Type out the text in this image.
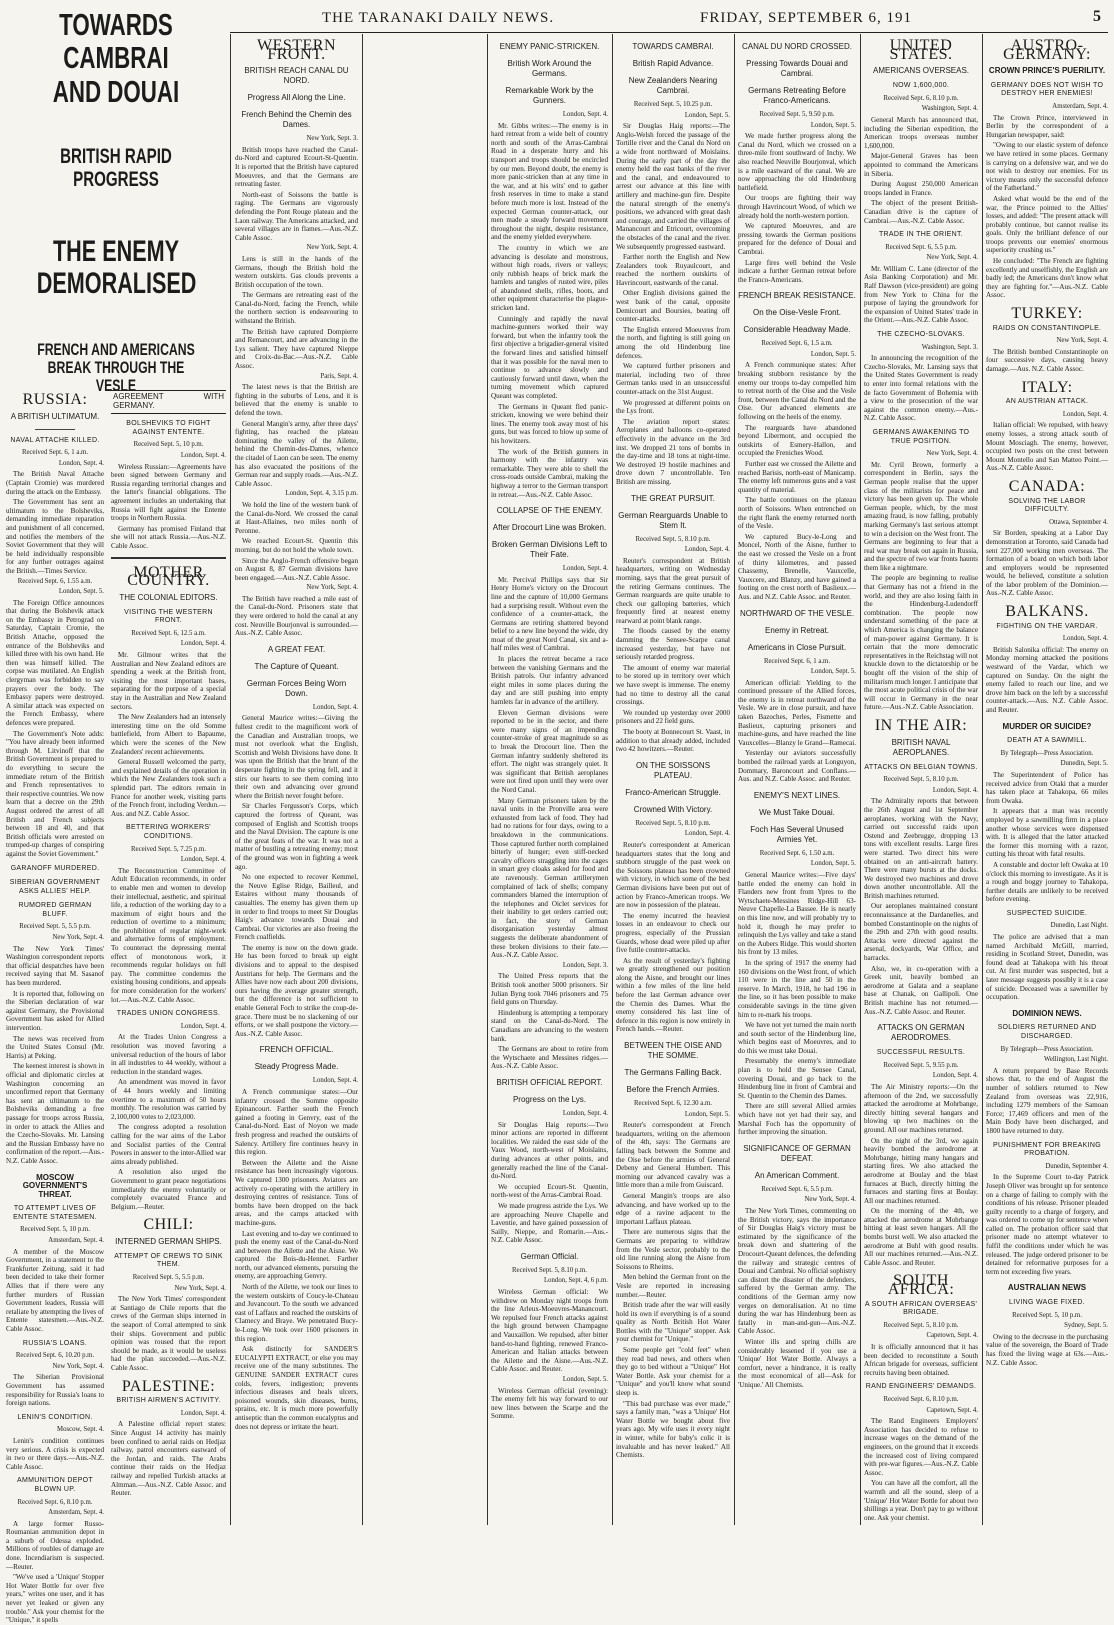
THE TARANAKI DAILY NEWS.	FRIDAY, SEPTEMBER 6, 191	5
TOWARDS CAMBRAI AND DOUAI
BRITISH RAPID PROGRESS
THE ENEMY DEMORALISED
FRENCH AND AMERICANS BREAK THROUGH THE VESLE
RUSSIA:
A BRITISH ULTIMATUM.
NAVAL ATTACHE KILLED.
Received Sept. 6, 1 a.m.
London, Sept. 4.

The British Naval Attache (Captain Cromie) was murdered during the attack on the Embassy.

The Government has sent an ultimatum to the Bolsheviks, demanding immediate reparation and punishment of all concerned, and notifies the members of the Soviet Government that they will be held individually responsible for any further outrages against the British.—Times Service.

Received Sept. 6, 1.55 a.m.
London, Sept. 5.

The Foreign Office announces that during the Bolshevik attack on the Embassy in Petrograd on Saturday, Captain Cromie, the British Attache, opposed the entrance of the Bolsheviks and killed three with his own hand. He then was himself killed. The corpse was mutilated. An English clergyman was forbidden to say prayers over the body. The Embassy papers were destroyed. A similar attack was expected on the French Embassy, where defences were prepared.

The Government's Note adds: "You have already been informed through M. Litvinoff that the British Government is prepared to do everything to secure the immediate return of the British and French representatives to their respective countries. We now learn that a decree on the 29th August ordered the arrest of all British and French subjects between 18 and 40, and that British officials were arrested on trumped-up charges of conspiring against the Soviet Government."

GARANOFF MURDERED.
SIBERIAN GOVERNMENT ASKS ALLIES' HELP.
RUMORED GERMAN BLUFF.
Received Sept. 5, 5.5 p.m.
New York, Sept. 4.

The New York Times' Washington correspondent reports that official despatches have been received saying that M. Sasanof has been murdered.

It is reported that, following on the Siberian declaration of war against Germany, the Provisional Government has asked for Allied intervention.

The news was received from the United States Consul (Mr. Harris) at Peking.

The keenest interest is shown in official and diplomatic circles at Washington concerning an unconfirmed report that Germany has sent an ultimatum to the Bolsheviks demanding a free passage for troops across Russia, in order to attack the Allies and the Czecho-Slovaks. Mr. Lansing and the Russian Embassy have no confirmation of the report.—Aus.-N.Z. Cable Assoc.

MOSCOW GOVERNMENT'S THREAT.
TO ATTEMPT LIVES OF ENTENTE STATESMEN.
Received Sept. 5, 10 p.m.
Amsterdam, Sept. 4.

A member of the Moscow Government, in a statement to the Frankfurter Zeitung, said it had been decided to take their former Allies that if there were any further murders of Russian Government leaders, Russia will retaliate by attempting the lives of Entente statesmen.—Aus.-N.Z. Cable Assoc.

RUSSIA'S LOANS.
Received Sept. 6, 10.20 p.m.
New York, Sept. 4.

The Siberian Provisional Government has assumed responsibility for Russia's loans to foreign nations.

LENIN'S CONDITION.
Moscow, Sept. 4.

Lenin's condition continues very serious. A crisis is expected in two or three days.—Aus.-N.Z. Cable Assoc.

AMMUNITION DEPOT BLOWN UP.
Received Sept. 6, 8.10 p.m.
Amsterdam, Sept. 4.

A large former Russo-Roumanian ammunition depot in a suburb of Odessa exploded. Millions of roubles of damage are done. Incendiarism is suspected.—Reuter.

"We've used a 'Unique' Stopper Hot Water Bottle for over five years," writes one user, and it has never yet leaked or given any trouble." Ask your chemist for the "Unique," it spells

AGREEMENT WITH GERMANY.
BOLSHEVIKS TO FIGHT AGAINST ENTENTE.
Received Sept. 5, 10 p.m.
London, Sept. 4.

Wireless Russian:—Agreements have been signed between Germany and Russia regarding territorial changes and the latter's financial obligations. The agreement includes an undertaking that Russia will fight against the Entente troops in Northern Russia.

Germany has promised Finland that she will not attack Russia.—Aus.-N.Z. Cable Assoc.

MOTHER COUNTRY.
THE COLONIAL EDITORS.
VISITING THE WESTERN FRONT.
Received Sept. 6, 12.5 a.m.
London, Sept. 4.

Mr. Gilmour writes that the Australian and New Zealand editors are spending a week at the British front, visiting the most important bases, separating for the purpose of a special stay in the Australian and New Zealand sectors.

The New Zealanders had an intensely interesting time on the old Somme battlefield, from Albert to Bapaume, which were the scenes of the New Zealanders' recent achievements.

General Russell welcomed the party, and explained details of the operation in which the New Zealanders took such a splendid part. The editors remain in France for another week, visiting parts of the French front, including Verdun.—Aus. and N.Z. Cable Assoc.

BETTERING WORKERS' CONDITIONS.
Received Sept. 5, 7.25 p.m.
London, Sept. 4.

The Reconstruction Committee of Adult Education recommends, in order to enable men and women to develop their intellectual, aesthetic, and spiritual life, a reduction of the working day to a maximum of eight hours and the reduction of overtime to a minimum; the prohibition of regular night-work and alternative forms of employment. To counteract the depressing mental effect of monotonous work, it recommends regular holidays on full pay. The committee condemns the existing housing conditions, and appeals for more consideration for the workers' lot.—Aus.-N.Z. Cable Assoc.

TRADES UNION CONGRESS.
London, Sept. 4.

At the Trades Union Congress a resolution was moved favoring a universal reduction of the hours of labor in all industries to 44 weekly, without a reduction in the standard wages.

An amendment was moved in favor of 44 hours weekly and limiting overtime to a maximum of 50 hours monthly. The resolution was carried by 2,100,000 votes to 2,023,000.

The congress adopted a resolution calling for the war aims of the Labor and Socialist parties of the Central Powers in answer to the inter-Allied war aims already published.

A resolution also urged the Government to grant peace negotiations immediately the enemy voluntarily or completely evacuated France and Belgium.—Reuter.

CHILI:
INTERNED GERMAN SHIPS.
ATTEMPT OF CREWS TO SINK THEM.
Received Sept. 5, 5.5 p.m.
New York, Sept. 4.

The New York Times' correspondent at Santiago de Chile reports that the crews of the German ships interned in the seaport of Corral attempted to sink their ships. Government and public opinion was roused that the report should be made, as it would be useless had the plan succeeded.—Aus.-N.Z. Cable Assoc.

PALESTINE:
BRITISH AIRMEN'S ACTIVITY.
London, Sept. 4.

A Palestine official report states: Since August 14 activity has mainly been confined to aerial raids on Hedjaz railway, patrol encounters eastward of the Jordan, and raids. The Arabs continue their raids on the Hedjaz railway and repelled Turkish attacks at Almman.—Aus.-N.Z. Cable Assoc. and Reuter.

WESTERN FRONT.
BRITISH REACH CANAL DU NORD.
Progress All Along the Line.
French Behind the Chemin des Dames.
New York, Sept. 3.

British troops have reached the Canal-du-Nord and captured Ecourt-St-Quentin. It is reported that the British have captured Moeuvres, and that the Germans are retreating faster.

North-east of Soissons the battle is raging. The Germans are vigorously defending the Pont Rouge plateau and the Laon railway. The Americans attacked, and several villages are in flames.—Aus.-N.Z. Cable Assoc.

New York, Sept. 4.

Lens is still in the hands of the Germans, though the British hold the western outskirts. Gas clouds prevents a British occupation of the town.

The Germans are retreating east of the Canal-du-Nord, facing the French, while the northern section is endeavouring to withstand the British.

The British have captured Dompierre and Remancourt, and are advancing in the Lys salient. They have captured Nieppe and Croix-du-Bac.—Aus.-N.Z. Cable Assoc.

Paris, Sept. 4.

The latest news is that the British are fighting in the suburbs of Lens, and it is believed that the enemy is unable to defend the town.

General Mangin's army, after three days' fighting, has reached the plateau dominating the valley of the Ailette, behind the Chemin-des-Dames, whence the citadel of Laon can be seen. The enemy has also evacuated the positions of the German rear and supply roads.—Aus.-N.Z. Cable Assoc.

London, Sept. 4, 3.15 p.m.

We hold the line of the western bank of the Canal-du-Nord. We crossed the canal at Haut-Allaines, two miles north of Peronne.

We reached Ecourt-St. Quentin this morning, but do not hold the whole town.

Since the Anglo-French offensive began on August 8, 87 German divisions have been engaged.—Aus.-N.Z. Cable Assoc.

New York, Sept. 4.

The British have reached a mile east of the Canal-du-Nord. Prisoners state that they were ordered to hold the canal at any cost. Neuville Bourjonval is surrounded.—Aus.-N.Z. Cable Assoc.

A GREAT FEAT.
The Capture of Queant.
German Forces Being Worn Down.
London, Sept. 4.

General Maurice writes:—Giving the fullest credit to the magnificent work of the Canadian and Australian troops, we must not overlook what the English, Scottish and Welsh Divisions have done. It was upon the British that the brunt of the desperate fighting in the spring fell, and it stirs our hearts to see them coming into their own and advancing over ground where the British never fought before.

Sir Charles Fergusson's Corps, which captured the fortress of Queant, was composed of English and Scottish troops and the Naval Division. The capture is one of the great feats of the war. It was not a matter of bustling a retreating enemy; most of the ground was won in fighting a week ago.

No one expected to recover Kemmel, the Neuve Eglise Ridge, Bailleul, and Estaires without many thousands of casualties. The enemy has given them up in order to find troops to meet Sir Douglas Haig's advance towards Douai and Cambrai. Our victories are also freeing the French coalfields.

The enemy is now on the down grade. He has been forced to break up eight divisions and to appeal to the despised Austrians for help. The Germans and the Allies have now each about 200 divisions, ours having the average greater strength, but the difference is not sufficient to enable General Foch to strike the coup-de-grace. There must be no slackening of our efforts, or we shall postpone the victory.—Aus.-N.Z. Cable Assoc.

FRENCH OFFICIAL.
Steady Progress Made.
London, Sept. 4.

A French communique states:—Our infantry crossed the Somme opposite Epinancourt. Farther south the French gained a footing in Genvry, east of the Canal-du-Nord. East of Noyon we made fresh progress and reached the outskirts of Salency. Artillery fire continues heavy in this region.

Between the Ailette and the Aisne resistance has been increasingly vigorous. We captured 1300 prisoners. Aviators are actively co-operating with the artillery in destroying centres of resistance. Tons of bombs have been dropped on the back areas, and the camps attacked with machine-guns.

Last evening and to-day we continued to push the enemy east of the Canal-du-Nord and between the Ailette and the Aisne. We captured the Bois-du-Hennet. Farther north, our advanced elements, pursuing the enemy, are approaching Genvry.

North of the Ailette, we took our lines to the western outskirts of Coucy-le-Chateau and Juvancourt. To the south we advanced east of Laffaux and reached the outskirts of Clamecy and Braye. We penetrated Bucy-le-Long. We took over 1600 prisoners in this region.

Ask distinctly for SANDER'S EUCALYPTI EXTRACT, or else you may receive one of the many substitutes. The GENUINE SANDER EXTRACT cures colds, fevers, indigestion; prevents infectious diseases and heals ulcers, poisoned wounds, skin diseases, burns, sprains, etc. It is much more powerfully antiseptic than the common eucalyptus and does not depress or irritate the heart.

ENEMY PANIC-STRICKEN.
British Work Around the Germans.
Remarkable Work by the Gunners.
London, Sept. 4.

Mr. Gibbs writes:—The enemy is in hard retreat from a wide belt of country north and south of the Arras-Cambrai Road in a desperate hurry and his transport and troops should be encircled by our men. Beyond doubt, the enemy is more panic-stricken than at any time in the war, and at his wits' end to gather fresh reserves in time to make a stand before much more is lost. Instead of the expected German counter-attack, our men made a steady forward movement throughout the night, despite resistance, and the enemy yielded everywhere.

The country in which we are advancing is desolate and monstrous, without high roads, rivers or valleys; only rubbish heaps of brick mark the hamlets and tangles of rusted wire, piles of abandoned shells, rifles, boots, and other equipment characterise the plague-stricken land.

Cunningly and rapidly the naval machine-gunners worked their way forward, but when the infantry took the first objective a brigadier-general visited the forward lines and satisfied himself that it was possible for the naval men to continue to advance slowly and cautiously forward until dawn, when the turning movement which captured Queant was completed.

The Germans in Queant fled panic-stricken, knowing we were behind their lines. The enemy took away most of his guns, but was forced to blow up some of his howitzers.

The work of the British gunners in harmony with the infantry was remarkable. They were able to shell the cross-roads outside Cambrai, making the highway a terror to the German transport in retreat.—Aus.-N.Z. Cable Assoc.

COLLAPSE OF THE ENEMY.
After Drocourt Line was Broken.
Broken German Divisions Left to Their Fate.
London, Sept. 4.

Mr. Percival Phillips says that Sir Henry Horne's victory on the Drocourt line and the capture of 10,000 Germans had a surprising result. Without even the confidence of a counter-attack, the Germans are retiring shattered beyond belief to a new line beyond the wide, dry moat of the great Nord Canal, six and a-half miles west of Cambrai.

In places the retreat became a race between the vanishing Germans and the British patrols. Our infantry advanced eight miles in some places during the day and are still pushing into empty hamlets far in advance of the artillery.

Eleven German divisions were reported to be in the sector, and there were many signs of an impending counter-stroke of great magnitude so as to break the Drocourt line. Then the German infantry suddenly sheltered its effort. The night was strangely quiet. It was significant that British aeroplanes were not fired upon until they were over the Nord Canal.

Many German prisoners taken by the naval units in the Pronville area were exhausted from lack of food. They had had no rations for four days, owing to a breakdown in the communications. Those captured further north complained bitterly of hunger; even stiff-necked cavalry officers straggling into the cages in smart grey cloaks asked for food and ate ravenously. German artillerymen complained of lack of shells; company commanders blamed the interruption of the telephones and Oiclet services for their inability to get orders carried out; in fact, the story of German disorganisation yesterday almost suggests the deliberate abandonment of these broken divisions to their fate.—Aus.-N.Z. Cable Assoc.

London, Sept. 3.

The United Press reports that the British took another 5000 prisoners. Sir Julian Byng took 7046 prisoners and 75 field guns on Thursday.

Hindenburg is attempting a temporary stand on the Canal-du-Nord. The Canadians are advancing to the western bank.

The Germans are about to retire from the Wytschaete and Messines ridges.—Aus.-N.Z. Cable Assoc.

BRITISH OFFICIAL REPORT.
Progress on the Lys.
London, Sept. 4.

Sir Douglas Haig reports:—Two minor actions are reported in different localities. We raided the east side of the Vaux Wood, north-west of Moislains, during advances at other points, and generally reached the line of the Canal-du-Nord.

We occupied Ecourt-St. Quentin, north-west of the Arras-Cambrai Road.

We made progress astride the Lys. We are approaching Neuve Chapelle and Laventie, and have gained possession of Sailly, Nieppe, and Romarin.—Aus.-N.Z. Cable Assoc.

German Official.
Received Sept. 5, 8.10 p.m.
London, Sept. 4, 6 p.m.

Wireless German official: We withdrew on Monday night troops from the line Arleux-Moeuvres-Manancourt. We repulsed four French attacks against the high ground between Champagne and Vauxaillon. We repulsed, after bitter hand-to-hand fighting, renewed Franco-American and Italian attacks between the Ailette and the Aisne.—Aus.-N.Z. Cable Assoc. and Reuter.

London, Sept. 5.

Wireless German official (evening): The enemy felt his way forward to our new lines between the Scarpe and the Somme.

TOWARDS CAMBRAI.
British Rapid Advance.
New Zealanders Nearing Cambrai.
Received Sept. 5, 10.25 p.m.
London, Sept. 5.

Sir Douglas Haig reports:—The Anglo-Welsh forced the passage of the Tortille river and the Canal du Nord on a wide front northward of Moislains. During the early part of the day the enemy held the east banks of the river and the canal, and endeavoured to arrest our advance at this line with artillery and machine-gun fire. Despite the natural strength of the enemy's positions, we advanced with great dash and courage, and carried the villages of Manancourt and Etricourt, overcoming the obstacles of the canal and the river. We subsequently progressed eastward.

Farther north the English and New Zealanders took Ruyaulcourt, and reached the northern outskirts of Havrincourt, eastwards of the canal.

Other English divisions gained the west bank of the canal, opposite Demicourt and Boursies, beating off counter-attacks.

The English entered Moeuvres from the north, and fighting is still going on among the old Hindenburg line defences.

We captured further prisoners and material, including two of three German tanks used in an unsuccessful counter-attack on the 31st August.

We progressed at different points on the Lys front.

The aviation report states: Aeroplanes and balloons co-operated effectively in the advance on the 3rd inst. We dropped 21 tons of bombs in the day-time and 18 tons at night-time. We destroyed 19 hostile machines and drove down 7 uncontrollable. Ten British are missing.

THE GREAT PURSUIT.
German Rearguards Unable to Stem It.
Received Sept. 5, 8.10 p.m.
London, Sept. 4.

Reuter's correspondent at British headquarters, writing on Wednesday morning, says that the great pursuit of the retiring Germans continues. The German rearguards are quite unable to check our galloping batteries, which frequently fired at nearest enemy rearward at point blank range.

The floods caused by the enemy damming the Sensee-Scarpe canal increased yesterday, but have not seriously retarded progress.

The amount of enemy war material to be stored up in territory over which we have swept is immense. The enemy had no time to destroy all the canal crossings.

We rounded up yesterday over 2000 prisoners and 22 field guns.

The booty at Bonnecourt St. Vaast, in addition to that already added, included two 42 howitzers.—Reuter.

ON THE SOISSONS PLATEAU.
Franco-American Struggle.
Crowned With Victory.
Received Sept. 5, 8.10 p.m.
London, Sept. 4.

Reuter's correspondent at American headquarters states that the long and stubborn struggle of the past week on the Soissons plateau has been crowned with victory, in which some of the best German divisions have been put out of action by Franco-American troops. We are now in possession of the plateau.

The enemy incurred the heaviest losses in an endeavour to check our progress, especially of the Prussian Guards, whose dead were piled up after five futile counter-attacks.

As the result of yesterday's fighting we greatly strengthened our position along the Aisne, and brought our lines within a few miles of the line held before the last German advance over the Chemin des Dames. What the enemy considered his last line of defence in this region is now entirely in French hands.—Reuter.

BETWEEN THE OISE AND THE SOMME.
The Germans Falling Back.
Before the French Armies.
Received Sept. 6, 12.30 a.m.
London, Sept. 5.

Reuter's correspondent at French headquarters, writing on the afternoon of the 4th, says: The Germans are falling back between the Somme and the Oise before the armies of General Debeny and General Humbert. This morning our advanced cavalry was a little more than a mile from Guiscard.

General Mangin's troops are also advancing, and have worked up to the edge of a ravine adjacent to the important Laffaux plateau.

There are numerous signs that the Germans are preparing to withdraw from the Vesle sector, probably to the old line running along the Aisne from Soissons to Rheims.

Men behind the German front on the Vesle are reported in increasing number.—Reuter.

British trade after the war will easily hold its own if everything is of a sound quality as North British Hot Water Bottles with the "Unique" stopper. Ask your chemist for "Unique."

Some people get "cold feet" when they read bad news, and others when they go to bed without a "Unique" Hot Water Bottle. Ask your chemist for a "Unique" and you'll know what sound sleep is.

"This bad purchase was ever made," says a family man, "was a 'Unique' Hot Water Bottle we bought about five years ago. My wife uses it every night in winter, while for baby's colic it is invaluable and has never leaked." All Chemists.

CANAL DU NORD CROSSED.
Pressing Towards Douai and Cambrai.
Germans Retreating Before Franco-Americans.
Received Sept. 5, 9.50 p.m.
London, Sept. 5.

We made further progress along the Canal du Nord, which we crossed on a three-mile front southward of Inchy. We also reached Neuville Bourjonval, which is a mile eastward of the canal. We are now approaching the old Hindenburg battlefield.

Our troops are fighting their way through Havrincourt Wood, of which we already hold the north-western portion.

We captured Moeuvres, and are pressing towards the German positions prepared for the defence of Douai and Cambrai.

Large fires well behind the Vesle indicate a further German retreat before the Franco-Americans.

FRENCH BREAK RESISTANCE.
On the Oise-Vesle Front.
Considerable Headway Made.
Received Sept. 6, 1.5 a.m.
London, Sept. 5.

A French communique states: After breaking stubborn resistance by the enemy our troops to-day compelled him to retreat north of the Oise and the Vesle front, between the Canal du Nord and the Oise. Our advanced elements are following on the heels of the enemy.

The rearguards have abandoned beyond Libermont, and occupied the outskirts of Esmery-Hallon, and occupied the Freniches Wood.

Further east we crossed the Ailette and reached Barisis, north-east of Manicamp. The enemy left numerous guns and a vast quantity of material.

The battle continues on the plateau north of Soissons. When entrenched on the right flank the enemy returned north of the Vesle.

We captured Bucy-le-Long and Moncel, North of the Aisne, further to the east we crossed the Vesle on a front of thirty kilometres, and passed Chassemy, Brenelle, Vauxcelle, Vauxcere, and Blanzy, and have gained a footing on the crest north of Baslieux.—Aus. and N.Z. Cable Assoc. and Reuter.

NORTHWARD OF THE VESLE.
Enemy in Retreat.
Americans in Close Pursuit.
Received Sept. 6, 1 a.m.
London, Sept. 5.

American official: Yielding to the continued pressure of the Allied forces, the enemy is in retreat northward of the Vesle. We are in close pursuit, and have taken Bazoches, Perles, Fismette and Baslieux, capturing prisoners and machine-guns, and have reached the line Vauxcelles—Blanzy le Grand—Ramecai.

Yesterday our aviators successfully bombed the railroad yards at Longuyon, Dommary, Baroncourt and Conflans.—Aus. and N.Z. Cable Assoc. and Reuter.

ENEMY'S NEXT LINES.
We Must Take Douai.
Foch Has Several Unused Armies Yet.
Received Sept. 6, 1.50 a.m.
London, Sept. 5.

General Maurice writes:—Five days' battle ended the enemy can hold in Flanders new front from Ypres to the Wytschaete-Messines Ridge-Hill 63-Neuve Chapelle-La Bassee. He is nearly on this line now, and will probably try to hold it, though he may prefer to relinquish the Lys valley and take a stand on the Aubers Ridge. This would shorten his front by 13 miles.

In the spring of 1917 the enemy had 160 divisions on the West front, of which 110 were in the line and 50 in the reserve. In March, 1918, he had 196 in the line, so it has been possible to make considerable savings in the time given him to re-mark his troops.

We have not yet turned the main north and south sector of the Hindenburg line, which begins east of Moeuvres, and to do this we must take Douai.

Presumably the enemy's immediate plan is to hold the Sensee Canal, covering Douai, and go back to the Hindenburg line in front of Cambrai and St. Quentin to the Chemin des Dames.

There are still several Allied armies which have not yet had their say, and Marshal Foch has the opportunity of further improving the situation.

SIGNIFICANCE OF GERMAN DEFEAT.
An American Comment.
Received Sept. 6, 5.5 p.m.
New York, Sept. 4.

The New York Times, commenting on the British victory, says the importance of Sir Douglas Haig's victory must be estimated by the significance of the break down and shattering of the Drocourt-Queant defences, the defending the railway and strategic centres of Douai and Cambrai. No official sophistry can distort the disaster of the defenders, suffered by the German army. The conditions of the German army now verges on demoralisation. At no time during the war has Hindenburg been as fatally in man-and-gun—Aus.-N.Z. Cable Assoc.

Winter ills and spring chills are considerably lessened if you use a 'Unique' Hot Water Bottle. Always a comfort, never a hindrance, it is really the most economical of all—Ask for 'Unique.' All Chemists.

UNITED STATES.
AMERICANS OVERSEAS.
NOW 1,600,000.
Received Sept. 6, 8.10 p.m.
Washington, Sept. 4.

General March has announced that, including the Siberian expedition, the American troops overseas number 1,600,000.

Major-General Graves has been appointed to command the Americans in Siberia.

During August 250,000 American troops landed in France.

The object of the present British-Canadian drive is the capture of Cambrai.—Aus.-N.Z. Cable Assoc.

TRADE IN THE ORIENT.
Received Sept. 6, 5.5 p.m.
New York, Sept. 4.

Mr. William C. Lane (director of the Asia Banking Corporation) and Mr. Ralf Dawson (vice-president) are going from New York to China for the purpose of laying the groundwork for the expansion of United States' trade in the Orient.—Aus.-N.Z. Cable Assoc.

THE CZECHO-SLOVAKS.
Washington, Sept. 3.

In announcing the recognition of the Czecho-Slovaks, Mr. Lansing says that the United States Government is ready to enter into formal relations with the de facto Government of Bohemia with a view to the prosecution of the war against the common enemy.—Aus.-N.Z. Cable Assoc.

GERMANS AWAKENING TO TRUE POSITION.
New York, Sept. 4.

Mr. Cyril Brown, formerly a correspondent in Berlin, says the German people realise that the upper class of the militarists for peace and victory has been given up. The whole German people, which, by the most amazing fraud, is now falling, probably marking Germany's last serious attempt to win a decision on the West front. The Germans are beginning to fear that a real war may break out again in Russia, and the spectre of two war fronts haunts them like a nightmare.

The people are beginning to realise that Germany has not a friend in the world, and they are also losing faith in the Hindenburg-Ludendorff combination. The people now understand something of the pace at which America is changing the balance of man-power against Germany. It is certain that the more democratic representatives in the Reichstag will not knuckle down to the dictatorship or be bought off the vision of the ship of militarism much longer. I anticipate that the most acute political crisis of the war will occur in Germany in the near future.—Aus.-N.Z. Cable Association.

IN THE AIR:
BRITISH NAVAL AEROPLANES.
ATTACKS ON BELGIAN TOWNS.
Received Sept. 5, 8.10 p.m.
London, Sept. 4.

The Admiralty reports that between the 26th August and 1st September aeroplanes, working with the Navy, carried out successful raids upon Ostend and Zeebrugge, dropping 13 tons with excellent results. Large fires were started. Two direct hits were obtained on an anti-aircraft battery. There were many bursts at the docks. We destroyed two machines and drove down another uncontrollable. All the British machines returned.

Our aeroplanes maintained constant reconnaissance at the Dardanelles, and bombed Constantinople on the nights of the 29th and 27th with good results. Attacks were directed against the arsenal, dockyards, War Office, and barracks.

Also, we, in co-operation with a Greek unit, heavily bombed an aerodrome at Galata and a seaplane base at Chanak, on Gallipoli. One British machine has not returned.—Aus.-N.Z. Cable Assoc. and Reuter.

ATTACKS ON GERMAN AERODROMES.
SUCCESSFUL RESULTS.
Received Sept. 5, 9.55 p.m.
London, Sept. 4.

The Air Ministry reports:—On the afternoon of the 2nd, we successfully attacked the aerodrome at Mohrbange, directly hitting several hangars and blowing up two machines on the ground. All our machines returned.

On the night of the 3rd, we again heavily bombed the aerodrome at Mohrbange, hitting many hangars and starting fires. We also attacked the aerodrome at Boulay and the blast furnaces at Buch, directly hitting the furnaces and starting fires at Boulay. All our machines returned.

On the morning of the 4th, we attacked the aerodrome at Mohrbange hitting at least seven hangars. All the bombs burst well. We also attacked the aerodrome at Buhl with good results. All our machines returned.—Aus.-N.Z. Cable Assoc. and Reuter.

SOUTH AFRICA:
A SOUTH AFRICAN OVERSEAS' BRIGADE.
Received Sept. 5, 8.10 p.m.
Capetown, Sept. 4.

It is officially announced that it has been decided to reconstitute a South African brigade for overseas, sufficient recruits having been obtained.

RAND ENGINEERS' DEMANDS.
Received Sept. 6, 8.10 p.m.
Capetown, Sept. 4.

The Rand Engineers Employers' Association has decided to refuse to increase wages on the demand of the engineers, on the ground that it exceeds the increased cost of living compared with pre-war figures.—Aus.-N.Z. Cable Assoc.

You can have all the comfort, all the warmth and all the sound, sleep of a 'Unique' Hot Water Bottle for about two shillings a year. Don't pay to go without one. Ask your chemist.

AUSTRO-GERMANY:
CROWN PRINCE'S PUERILITY.
GERMANY DOES NOT WISH TO DESTROY HER ENEMIES!
Amsterdam, Sept. 4.

The Crown Prince, interviewed in Berlin by the correspondent of a Hungarian newspaper, said:

"Owing to our elastic system of defence we have retired in some places. Germany is carrying on a defensive war, and we do not wish to destroy our enemies. For us victory means only the successful defence of the Fatherland."

Asked what would be the end of the war, the Prince pointed to the Allies' losses, and added: "The present attack will probably continue, but cannot realise its goals. Only the brilliant defence of our troops prevents our enemies' enormous superiority crushing us."

He concluded: "The French are fighting excellently and unselfishly, the English are badly led; the Americans don't know what they are fighting for."—Aus.-N.Z. Cable Assoc.

TURKEY:
RAIDS ON CONSTANTINOPLE.
New York, Sept. 4.

The British bombed Constantinople on four successive days, causing heavy damage.—Aus. N.Z. Cable Assoc.

ITALY:
AN AUSTRIAN ATTACK.
London, Sept. 4.

Italian official: We repulsed, with heavy enemy losses, a strong attack south of Mount Mosciagh. The enemy, however, occupied two posts on the crest between Mount Montello and San Matteo Point.—Aus.-N.Z. Cable Assoc.

CANADA:
SOLVING THE LABOR DIFFICULTY.
Ottawa, September 4.

Sir Borden, speaking at a Labor Day demonstration at Toronto, said Canada had sent 227,000 working men overseas. The formation of a board on which both labor and employers would be represented would, he believed, constitute a solution of the labor problem of the Dominion.—Aus.-N.Z. Cable Assoc.

BALKANS.
FIGHTING ON THE VARDAR.
London, Sept. 4.

British Salonika official: The enemy on Monday morning attacked the positions westward of the Vardar, which we captured on Sunday. On the night the enemy failed to reach our line, and we drove him back on the left by a successful counter-attack.—Aus. N.Z. Cable Assoc. and Reuter.

MURDER OR SUICIDE?
DEATH AT A SAWMILL.
By Telegraph—Press Association.
Dunedin, Sept. 5.

The Superintendent of Police has received advice from Otaki that a murder has taken place at Tahakopa, 66 miles from Owaka.

It appears that a man was recently employed by a sawmilling firm in a place another whose services were dispensed with. It is alleged that the latter attacked the former this morning with a razor, cutting his throat with fatal results.

A constable and doctor left Owaka at 10 o'clock this morning to investigate. As it is a rough and boggy journey to Tahakopa, further details are unlikely to be received before evening.

SUSPECTED SUICIDE.
Dunedin, Last Night.

The police are advised that a man named Archibald McGill, married, residing in Scotland Street, Dunedin, was found dead at Tahakopa with his throat cut. At first murder was suspected, but a later message suggests possibly it is a case of suicide. Deceased was a sawmiller by occupation.

DOMINION NEWS.
SOLDIERS RETURNED AND DISCHARGED.
By Telegraph—Press Association.
Wellington, Last Night.

A return prepared by Base Records shows that, to the end of August the number of soldiers returned to New Zealand from overseas was 22,916, including 1279 members of the Samoan Force; 17,469 officers and men of the Main Body have been discharged, and 1800 have returned to duty.

PUNISHMENT FOR BREAKING PROBATION.
Dunedin, September 4.

In the Supreme Court to-day Patrick Joseph Oliver was brought up for sentence on a charge of failing to comply with the conditions of his release. Prisoner pleaded guilty recently to a charge of forgery, and was ordered to come up for sentence when called on. The probation officer said that prisoner made no attempt whatever to fulfil the conditions under which he was released. The judge ordered prisoner to be detained for reformative purposes for a term not exceeding five years.

AUSTRALIAN NEWS
LIVING WAGE FIXED.
Received Sept. 5, 10 p.m.
Sydney, Sept. 5.

Owing to the decrease in the purchasing value of the sovereign, the Board of Trade has fixed the living wage at 63s.—Aus.-N.Z. Cable Assoc.
